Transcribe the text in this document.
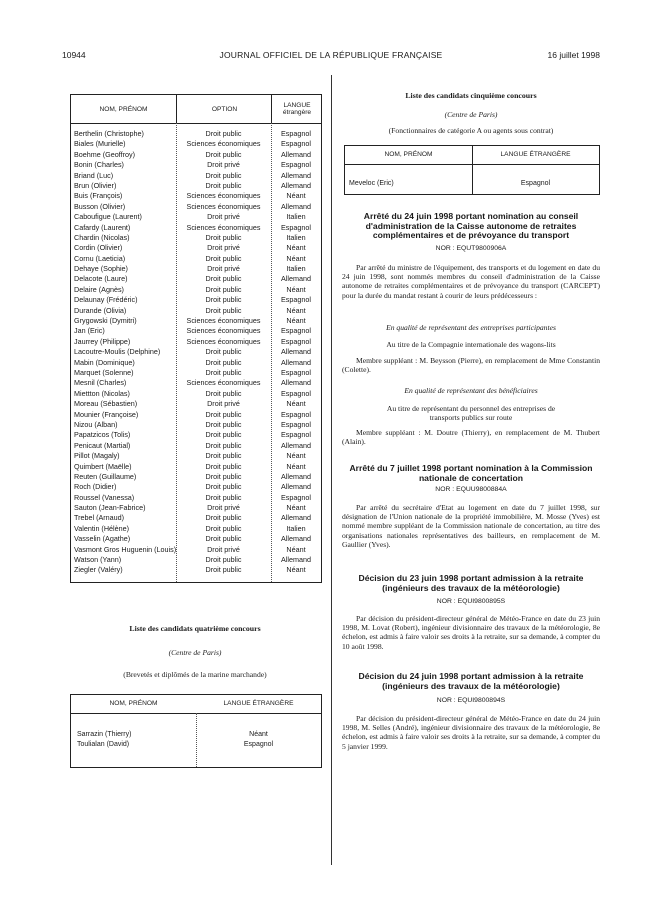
10944	JOURNAL OFFICIEL DE LA RÉPUBLIQUE FRANÇAISE	16 juillet 1998
NOM, PRÉNOM	OPTION	LANGUE étrangère
Berthelin (Christophe)	Droit public	Espagnol
Biales (Murielle)	Sciences économiques	Espagnol
Boehme (Geoffroy)	Droit public	Allemand
Bonin (Charles)	Droit privé	Espagnol
Briand (Luc)	Droit public	Allemand
Brun (Olivier)	Droit public	Allemand
Buis (François)	Sciences économiques	Néant
Busson (Olivier)	Sciences économiques	Allemand
Caboufigue (Laurent)	Droit privé	Italien
Cafardy (Laurent)	Sciences économiques	Espagnol
Chardin (Nicolas)	Droit public	Italien
Cordin (Olivier)	Droit privé	Néant
Cornu (Laeticia)	Droit public	Néant
Dehaye (Sophie)	Droit privé	Italien
Delacote (Laure)	Droit public	Allemand
Delaire (Agnès)	Droit public	Néant
Delaunay (Frédéric)	Droit public	Espagnol
Durande (Olivia)	Droit public	Néant
Grygowski (Dymitri)	Sciences économiques	Néant
Jan (Eric)	Sciences économiques	Espagnol
Jaurrey (Philippe)	Sciences économiques	Espagnol
Lacoutre-Moulis (Delphine)	Droit public	Allemand
Mabin (Dominique)	Droit public	Allemand
Marquet (Solenne)	Droit public	Espagnol
Mesnil (Charles)	Sciences économiques	Allemand
Miettton (Nicolas)	Droit public	Espagnol
Moreau (Sébastien)	Droit privé	Néant
Mounier (Françoise)	Droit public	Espagnol
Nizou (Alban)	Droit public	Espagnol
Papatzicos (Tolis)	Droit public	Espagnol
Penicaut (Martial)	Droit public	Allemand
Pillot (Magaly)	Droit public	Néant
Quimbert (Maëlle)	Droit public	Néant
Reuten (Guillaume)	Droit public	Allemand
Roch (Didier)	Droit public	Allemand
Roussel (Vanessa)	Droit public	Espagnol
Sauton (Jean-Fabrice)	Droit privé	Néant
Trebel (Arnaud)	Droit public	Allemand
Valentin (Hélène)	Droit public	Italien
Vasselin (Agathe)	Droit public	Allemand
Vasmont Gros Huguenin (Louis)	Droit privé	Néant
Watson (Yann)	Droit public	Allemand
Ziegler (Valéry)	Droit public	Néant
Liste des candidats quatrième concours
(Centre de Paris)
(Brevetés et diplômés de la marine marchande)
NOM, PRÉNOM	LANGUE ÉTRANGÈRE
Sarrazin (Thierry)	Néant
Toulialan (David)	Espagnol
Liste des candidats cinquième concours
(Centre de Paris)
(Fonctionnaires de catégorie A ou agents sous contrat)
NOM, PRÉNOM	LANGUE ÉTRANGÈRE
Meveloc (Eric)	Espagnol
Arrêté du 24 juin 1998 portant nomination au conseil d'administration de la Caisse autonome de retraites complémentaires et de prévoyance du transport
NOR : EQUT9800906A
Par arrêté du ministre de l'équipement, des transports et du logement en date du 24 juin 1998, sont nommés membres du conseil d'administration de la Caisse autonome de retraites complémentaires et de prévoyance du transport (CARCEPT) pour la durée du mandat restant à courir de leurs prédécesseurs :
En qualité de représentant des entreprises participantes
Au titre de la Compagnie internationale des wagons-lits
Membre suppléant : M. Beysson (Pierre), en remplacement de Mme Constantin (Colette).
En qualité de représentant des bénéficiaires
Au titre de représentant du personnel des entreprises de transports publics sur route
Membre suppléant : M. Doutre (Thierry), en remplacement de M. Thubert (Alain).
Arrêté du 7 juillet 1998 portant nomination à la Commission nationale de concertation
NOR : EQUU9800884A
Par arrêté du secrétaire d'Etat au logement en date du 7 juillet 1998, sur désignation de l'Union nationale de la propriété immobilière, M. Mosse (Yves) est nommé membre suppléant de la Commission nationale de concertation, au titre des organisations nationales représentatives des bailleurs, en remplacement de M. Gaullier (Yves).
Décision du 23 juin 1998 portant admission à la retraite (ingénieurs des travaux de la météorologie)
NOR : EQUI9800895S
Par décision du président-directeur général de Météo-France en date du 23 juin 1998, M. Lovat (Robert), ingénieur divisionnaire des travaux de la météorologie, 8e échelon, est admis à faire valoir ses droits à la retraite, sur sa demande, à compter du 10 août 1998.
Décision du 24 juin 1998 portant admission à la retraite (ingénieurs des travaux de la météorologie)
NOR : EQUI9800894S
Par décision du président-directeur général de Météo-France en date du 24 juin 1998, M. Selles (André), ingénieur divisionnaire des travaux de la météorologie, 8e échelon, est admis à faire valoir ses droits à la retraite, sur sa demande, à compter du 5 janvier 1999.
